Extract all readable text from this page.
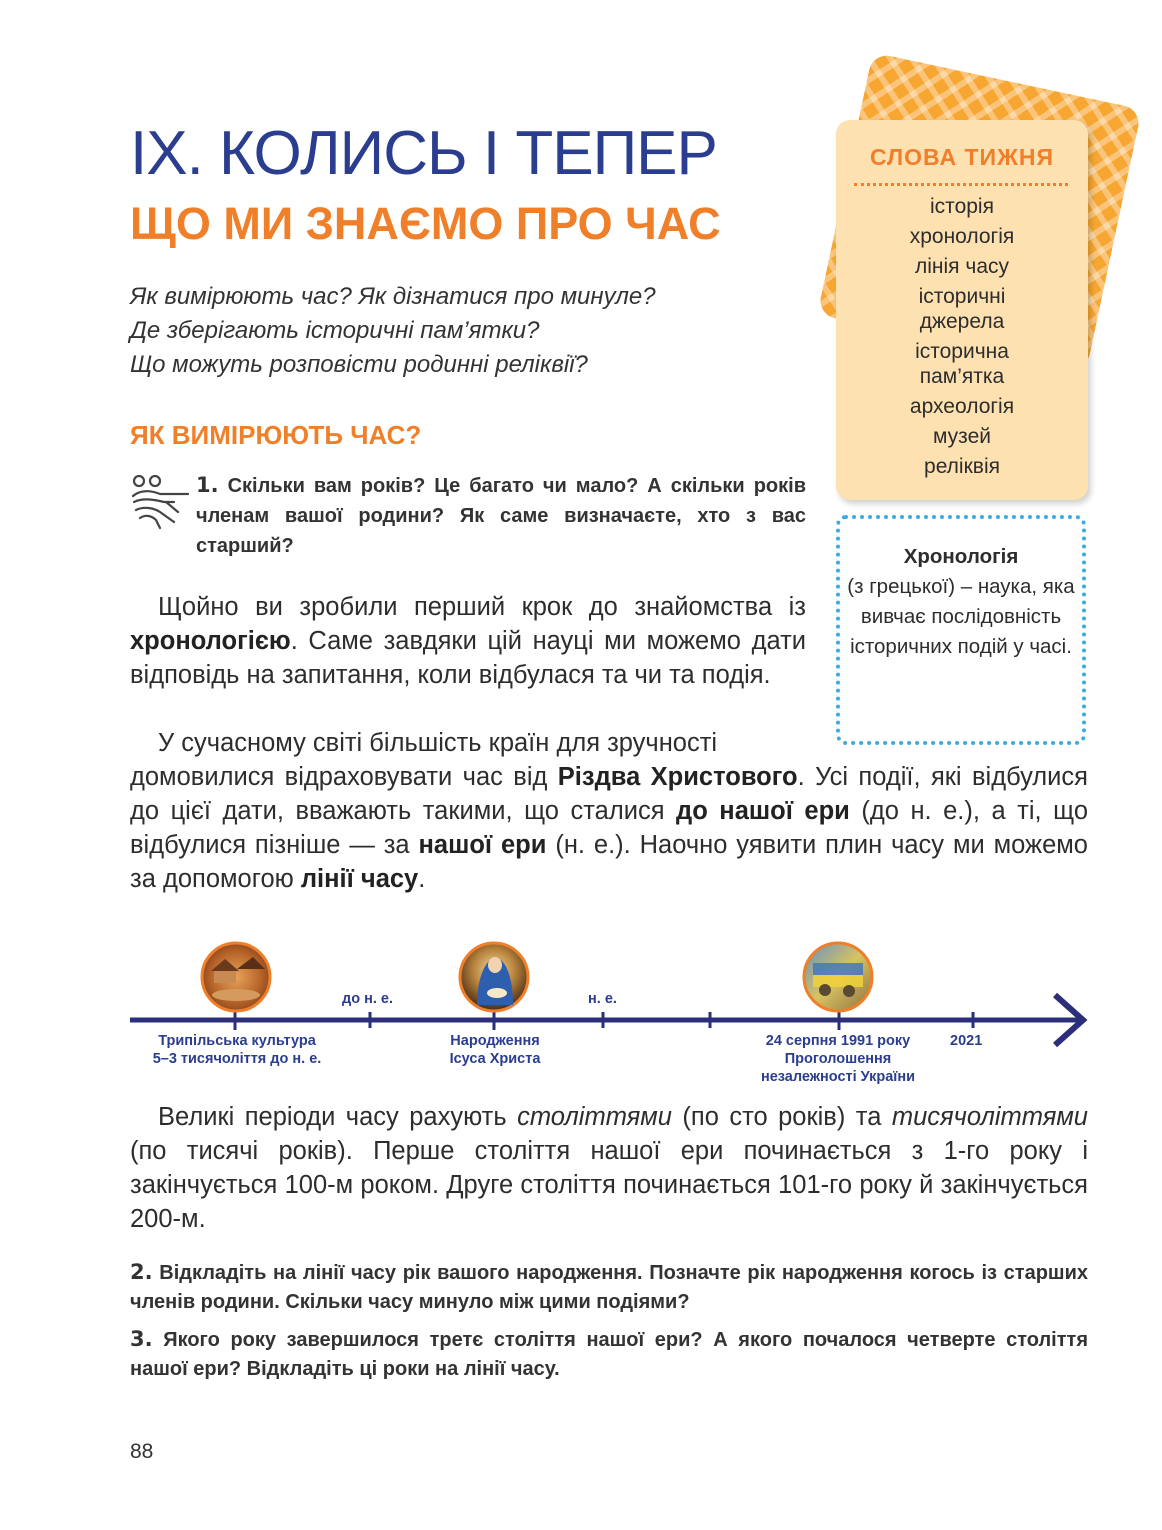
IX. КОЛИСЬ І ТЕПЕР
ЩО МИ ЗНАЄМО ПРО ЧАС
Як вимірюють час? Як дізнатися про минуле?
Де зберігають історичні пам’ятки?
Що можуть розповісти родинні реліквії?
ЯК ВИМІРЮЮТЬ ЧАС?
1. Скільки вам років? Це багато чи мало? А скільки років членам вашої родини? Як саме визначаєте, хто з вас старший?
Щойно ви зробили перший крок до знайомства із хронологією. Саме завдяки цій науці ми можемо дати відповідь на запитання, коли відбулася та чи та подія.
У сучасному світі більшість країн для зручності
домовилися відраховувати час від Різдва Христового. Усі події, які відбулися до цієї дати, вважають такими, що сталися до нашої ери (до н. е.), а ті, що відбулися пізніше — за нашої ери (н. е.). Наочно уявити плин часу ми можемо за допомогою лінії часу.
СЛОВА ТИЖНЯ
історія
хронологія
лінія часу
історичні джерела
історична пам’ятка
археологія
музей
реліквія
Хронологія
(з грецької) – наука, яка вивчає послідовність історичних подій у часі.
до н. е.	н. е.
Трипільська культура
5–3 тисячоліття до н. е.
Народження
Ісуса Христа
24 серпня 1991 року
Проголошення
незалежності України
2021
Великі періоди часу рахують століттями (по сто років) та тисячоліттями (по тисячі років). Перше століття нашої ери починається з 1-го року і закінчується 100-м роком. Друге століття починається 101-го року й закінчується 200-м.
2. Відкладіть на лінії часу рік вашого народження. Позначте рік народження когось із старших членів родини. Скільки часу минуло між цими подіями?
3. Якого року завершилося третє століття нашої ери? А якого почалося четверте століття нашої ери? Відкладіть ці роки на лінії часу.
88
